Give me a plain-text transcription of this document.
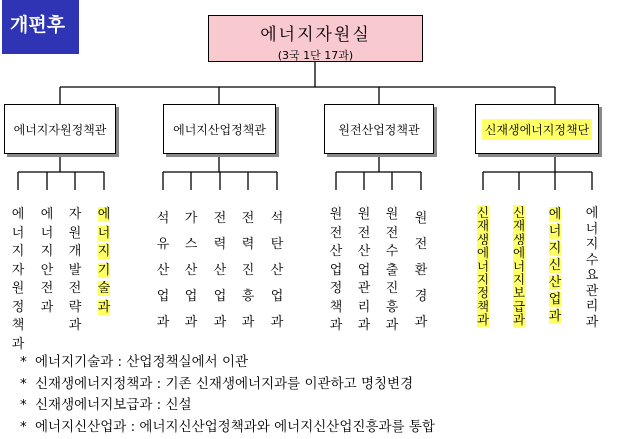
개편후	에너지자원실
(3국 1단 17과)
에너지자원정책관	에너지산업정책관	원전산업정책관	신재생에너지정책단
에너지자원정책과
에너지안전과
자원개발전략과
에너지기술과
석유산업과
가스산업과
전력산업과
전력진흥과
석탄산업과
원전산업정책과
원전산업관리과
원전수출진흥과
원전환경과
신재생에너지정책과
신재생에너지보급과
에너지신산업과
에너지수요관리과
* 에너지기술과 : 산업정책실에서 이관
* 신재생에너지정책과 : 기존 신재생에너지과를 이관하고 명칭변경
* 신재생에너지보급과 : 신설
* 에너지신산업과 : 에너지신산업정책과와 에너지신산업진흥과를 통합
